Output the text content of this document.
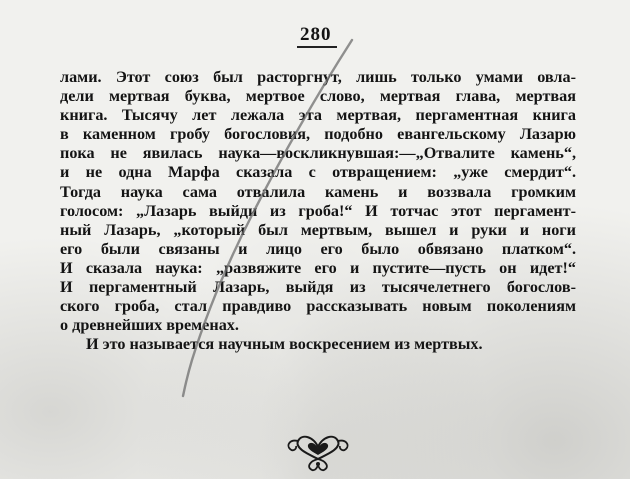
280
лами. Этот союз был расторгнут, лишь только умами овла-
дели мертвая буква, мертвое слово, мертвая глава, мертвая
книга. Тысячу лет лежала эта мертвая, пергаментная книга
в каменном гробу богословия, подобно евангельскому Лазарю
пока не явилась наука—воскликнувшая:—„Отвалите камень“,
и не одна Марфа сказала с отвращением: „уже смердит“.
Тогда наука сама отвалила камень и воззвала громким
голосом: „Лазарь выйди из гроба!“ И тотчас этот пергамент-
ный Лазарь, „который был мертвым, вышел и руки и ноги
его были связаны и лицо его было обвязано платком“.
И сказала наука: „развяжите его и пустите—пусть он идет!“
И пергаментный Лазарь, выйдя из тысячелетнего богослов-
ского гроба, стал правдиво рассказывать новым поколениям
о древнейших временах.
И это называется научным воскресением из мертвых.
